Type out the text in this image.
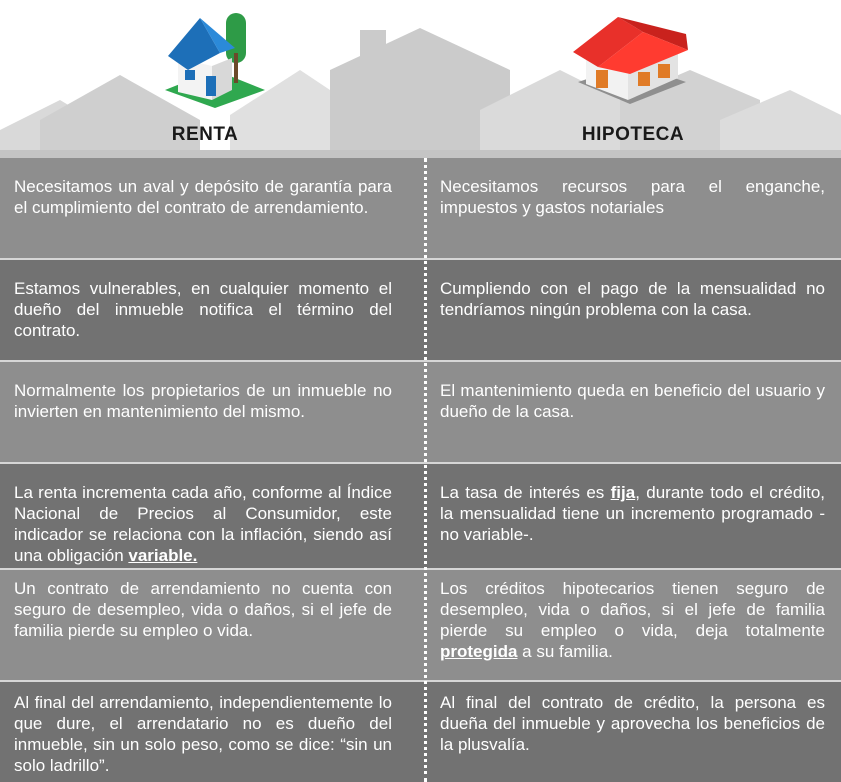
RENTA	HIPOTECA
Necesitamos un aval y depósito de garantía para el cumplimiento del contrato de arrendamiento.
Necesitamos recursos para el enganche, impuestos y gastos notariales
Estamos vulnerables, en cualquier momento el dueño del inmueble notifica el término del contrato.
Cumpliendo con el pago de la mensualidad no tendríamos ningún problema con la casa.
Normalmente los propietarios de un inmueble no invierten en mantenimiento del mismo.
El mantenimiento queda en beneficio del usuario y dueño de la casa.
La renta incrementa cada año, conforme al Índice Nacional de Precios al Consumidor, este indicador se relaciona con la inflación, siendo así una obligación variable.
La tasa de interés es fija, durante todo el crédito, la mensualidad tiene un incremento programado -no variable-.
Un contrato de arrendamiento no cuenta con seguro de desempleo, vida o daños, si el jefe de familia pierde su empleo o vida.
Los créditos hipotecarios tienen seguro de desempleo, vida o daños, si el jefe de familia pierde su empleo o vida, deja totalmente protegida a su familia.
Al final del arrendamiento, independientemente lo que dure, el arrendatario no es dueño del inmueble, sin un solo peso, como se dice: “sin un solo ladrillo”.
Al final del contrato de crédito, la persona es dueña del inmueble y aprovecha los beneficios de la plusvalía.
